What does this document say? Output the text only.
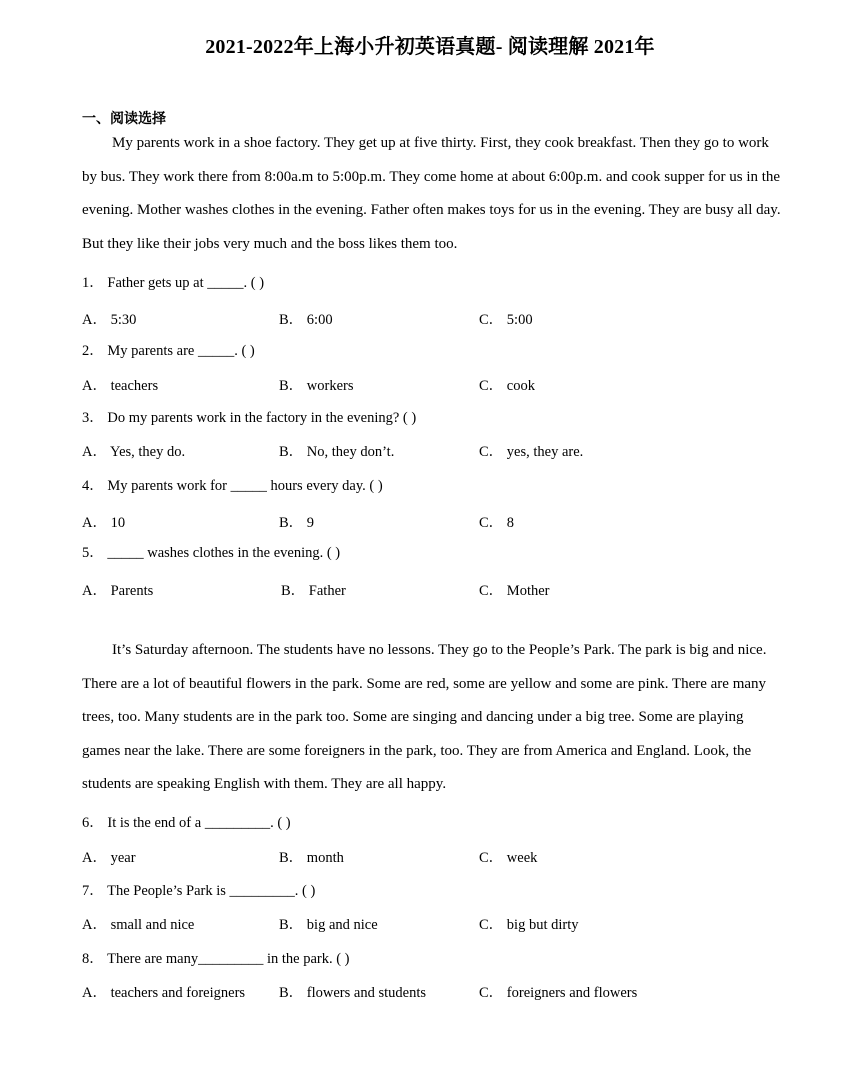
2021-2022年上海小升初英语真题- 阅读理解 2021年
一、阅读选择

My parents work in a shoe factory. They get up at five thirty. First, they cook breakfast. Then they go to work by bus. They work there from 8:00a.m to 5:00p.m. They come home at about 6:00p.m. and cook supper for us in the evening. Mother washes clothes in the evening. Father often makes toys for us in the evening. They are busy all day. But they like their jobs very much and the boss likes them too.

1． Father gets up at _____. ( )
A． 5:30	B． 6:00	C． 5:00
2． My parents are _____. ( )
A． teachers	B． workers	C． cook
3． Do my parents work in the factory in the evening? ( )
A． Yes, they do.	B． No, they don’t.	C． yes, they are.
4． My parents work for _____ hours every day. ( )
A． 10	B． 9	C． 8
5． _____ washes clothes in the evening. ( )
A． Parents	B． Father	C． Mother

It’s Saturday afternoon. The students have no lessons. They go to the People’s Park. The park is big and nice. There are a lot of beautiful flowers in the park. Some are red, some are yellow and some are pink. There are many trees, too. Many students are in the park too. Some are singing and dancing under a big tree. Some are playing games near the lake. There are some foreigners in the park, too. They are from America and England. Look, the students are speaking English with them. They are all happy.

6． It is the end of a _________. ( )
A． year	B． month	C． week
7． The People’s Park is _________. ( )
A． small and nice	B． big and nice	C． big but dirty
8． There are many_________ in the park. ( )
A． teachers and foreigners B． flowers and students	C． foreigners and flowers
